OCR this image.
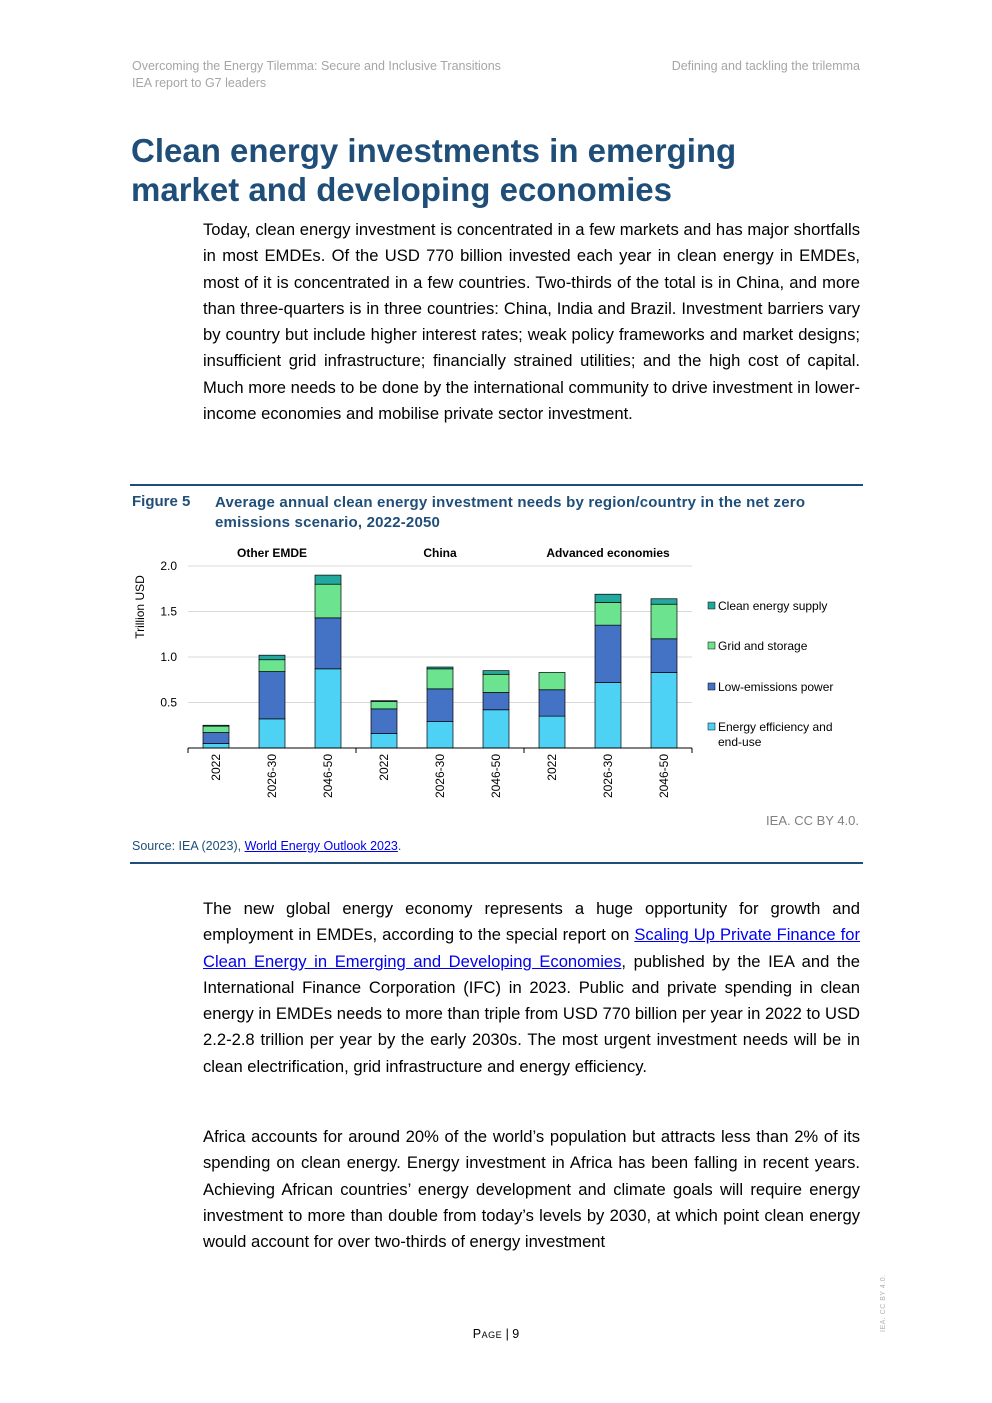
Overcoming the Energy Tilemma: Secure and Inclusive Transitions
IEA report to G7 leaders
Defining and tackling the trilemma
Clean energy investments in emerging market and developing economies

Today, clean energy investment is concentrated in a few markets and has major shortfalls in most EMDEs. Of the USD 770 billion invested each year in clean energy in EMDEs, most of it is concentrated in a few countries. Two-thirds of the total is in China, and more than three-quarters is in three countries: China, India and Brazil. Investment barriers vary by country but include higher interest rates; weak policy frameworks and market designs; insufficient grid infrastructure; financially strained utilities; and the high cost of capital. Much more needs to be done by the international community to drive investment in lower-income economies and mobilise private sector investment.

Figure 5 Average annual clean energy investment needs by region/country in the net zero emissions scenario, 2022-2050

0.5
1.0
1.5
2.0
Trillion USD
Other EMDE
2022	2026-30	2046-50
China
2022	2026-30	2046-50
Advanced economies
2022	2026-30	2046-50
Clean energy supply
Grid and storage
Low-emissions power
Energy efficiency and
end-use
IEA. CC BY 4.0.
Source: IEA (2023), World Energy Outlook 2023.

The new global energy economy represents a huge opportunity for growth and employment in EMDEs, according to the special report on Scaling Up Private Finance for Clean Energy in Emerging and Developing Economies, published by the IEA and the International Finance Corporation (IFC) in 2023. Public and private spending in clean energy in EMDEs needs to more than triple from USD 770 billion per year in 2022 to USD 2.2-2.8 trillion per year by the early 2030s. The most urgent investment needs will be in clean electrification, grid infrastructure and energy efficiency.

Africa accounts for around 20% of the world’s population but attracts less than 2% of its spending on clean energy. Energy investment in Africa has been falling in recent years. Achieving African countries’ energy development and climate goals will require energy investment to more than double from today’s levels by 2030, at which point clean energy would account for over two-thirds of energy investment

Page | 9
IEA. CC BY 4.0.
